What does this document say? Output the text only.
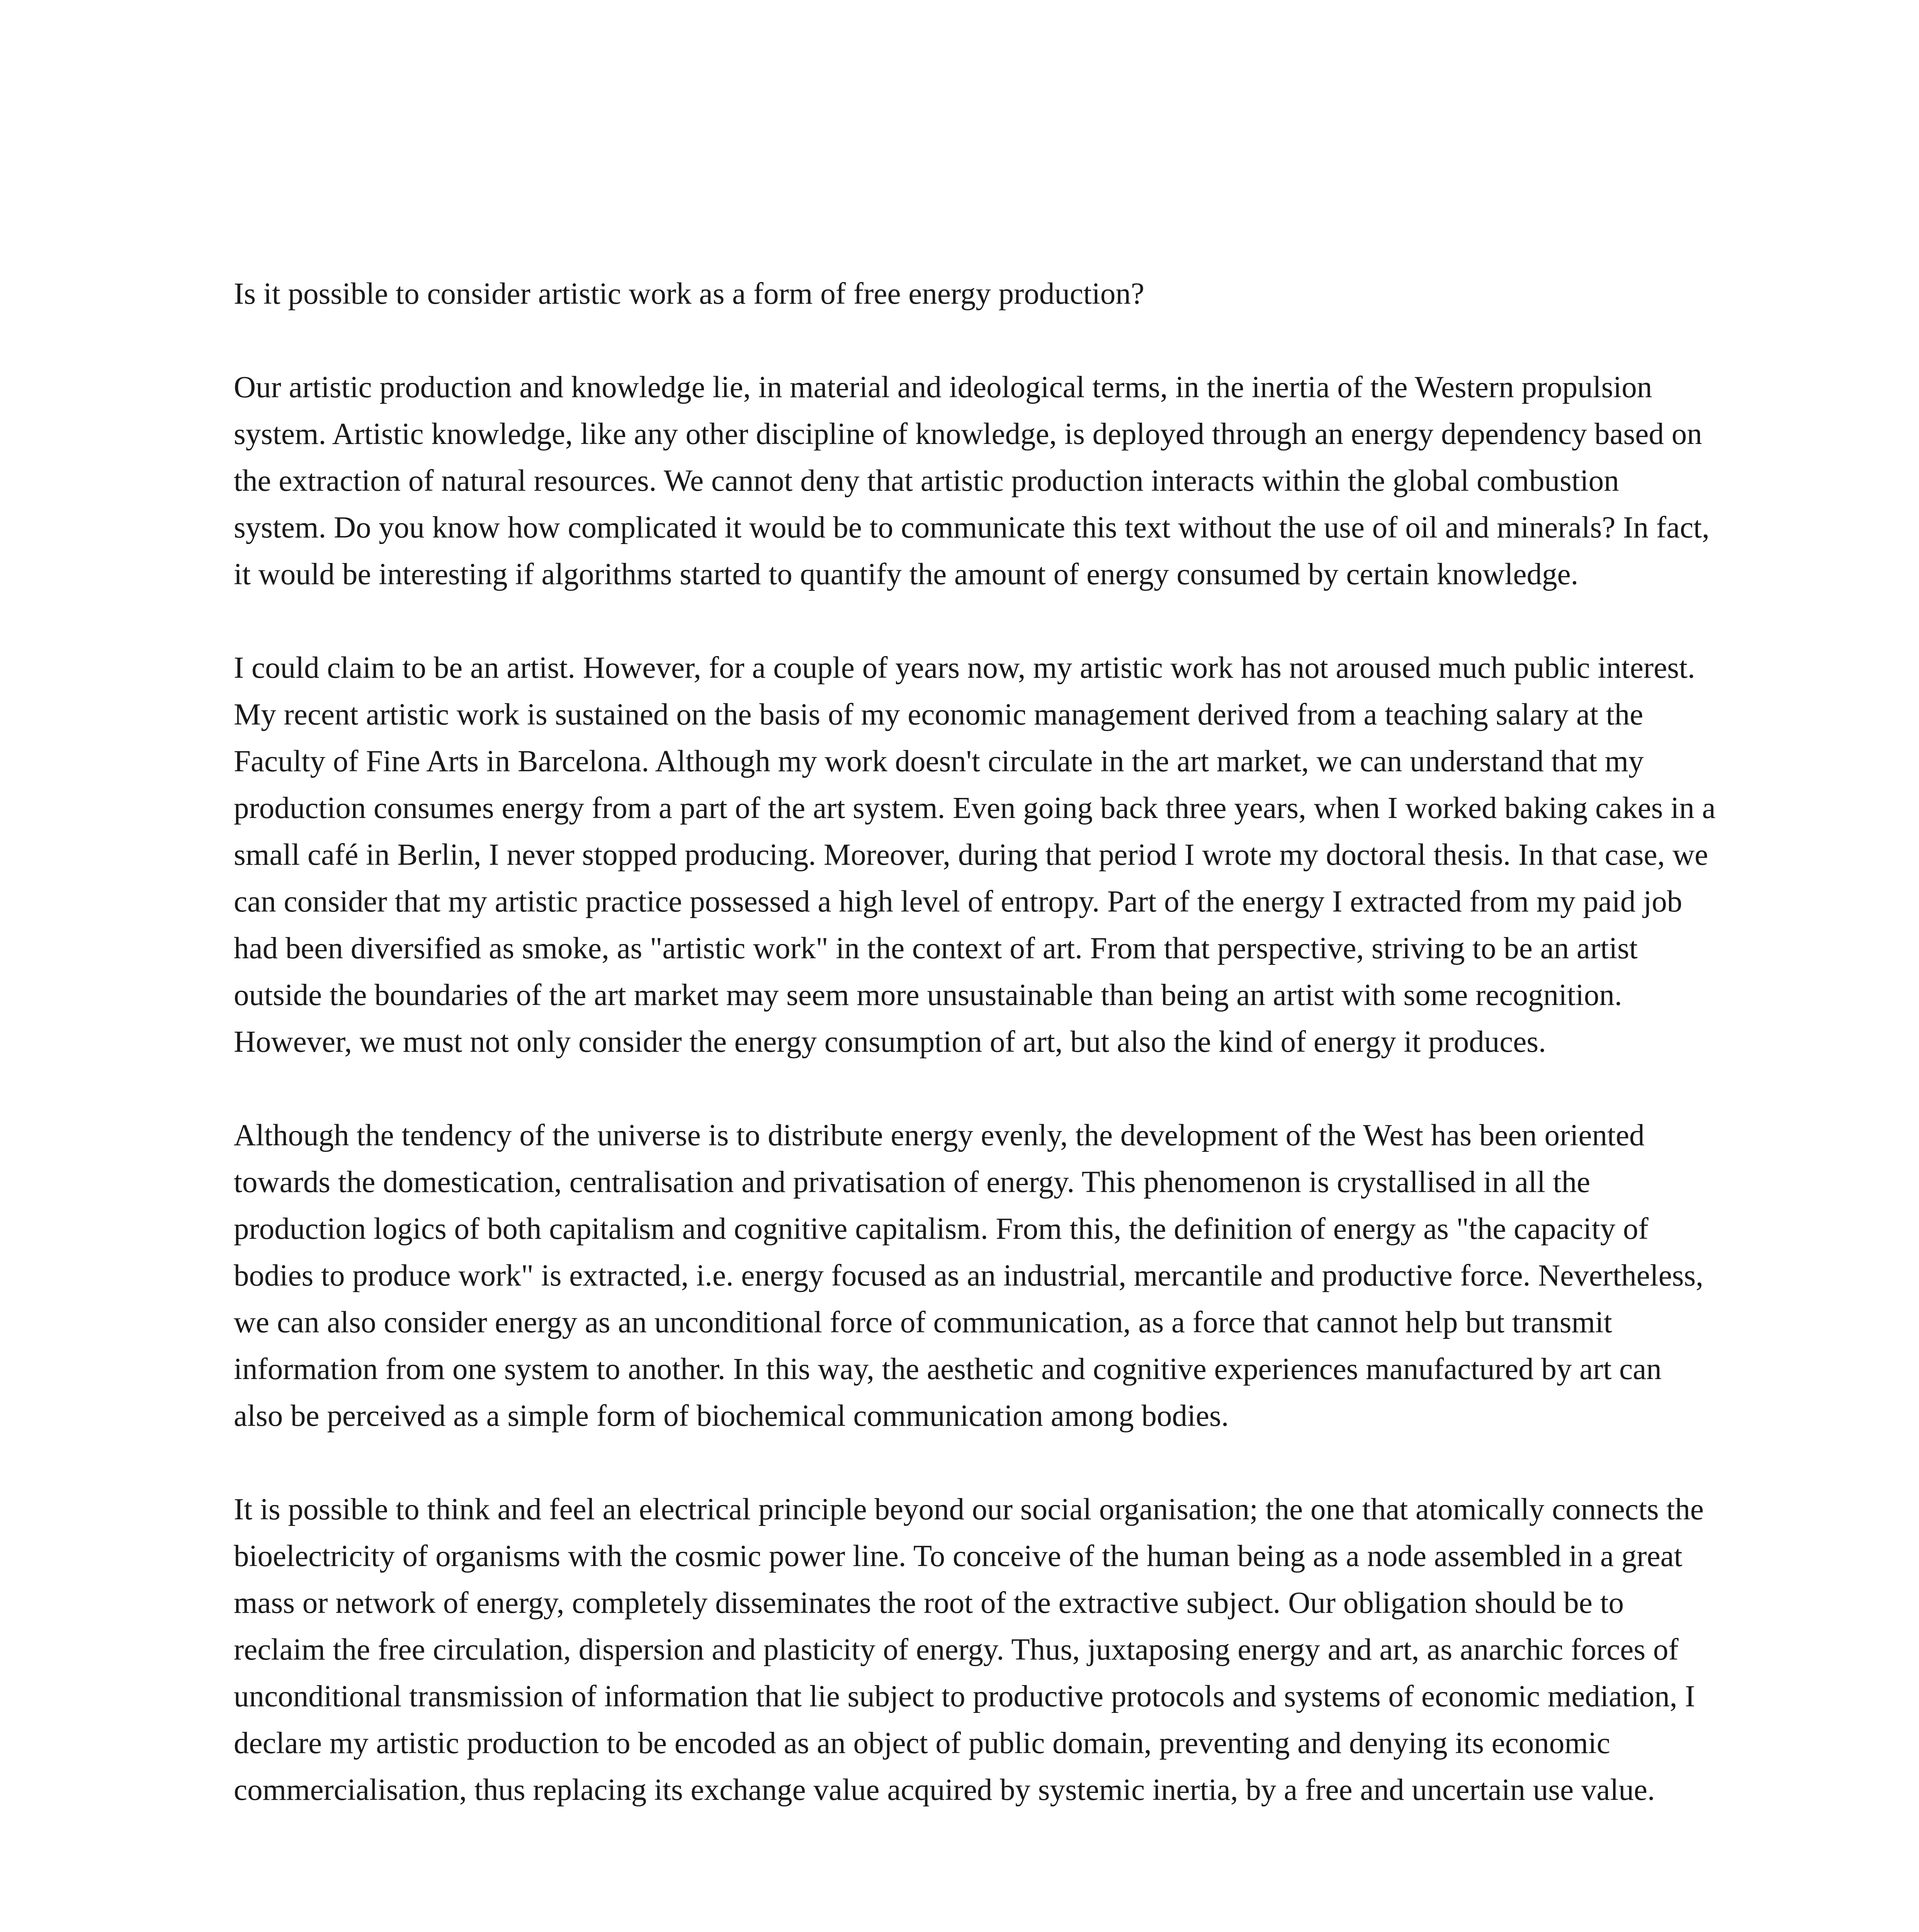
Is it possible to consider artistic work as a form of free energy production?

Our artistic production and knowledge lie, in material and ideological terms, in the inertia of the Western propulsion system. Artistic knowledge, like any other discipline of knowledge, is deployed through an energy dependency based on the extraction of natural resources. We cannot deny that artistic production interacts within the global combustion system. Do you know how complicated it would be to communicate this text without the use of oil and minerals? In fact, it would be interesting if algorithms started to quantify the amount of energy consumed by certain knowledge.

I could claim to be an artist. However, for a couple of years now, my artistic work has not aroused much public interest. My recent artistic work is sustained on the basis of my economic management derived from a teaching salary at the Faculty of Fine Arts in Barcelona. Although my work doesn't circulate in the art market, we can understand that my production consumes energy from a part of the art system. Even going back three years, when I worked baking cakes in a small café in Berlin, I never stopped producing. Moreover, during that period I wrote my doctoral thesis. In that case, we can consider that my artistic practice possessed a high level of entropy. Part of the energy I extracted from my paid job had been diversified as smoke, as "artistic work" in the context of art. From that perspective, striving to be an artist outside the boundaries of the art market may seem more unsustainable than being an artist with some recognition. However, we must not only consider the energy consumption of art, but also the kind of energy it produces.

Although the tendency of the universe is to distribute energy evenly, the development of the West has been oriented towards the domestication, centralisation and privatisation of energy. This phenomenon is crystallised in all the production logics of both capitalism and cognitive capitalism. From this, the definition of energy as "the capacity of bodies to produce work" is extracted, i.e. energy focused as an industrial, mercantile and productive force. Nevertheless, we can also consider energy as an unconditional force of communication, as a force that cannot help but transmit information from one system to another. In this way, the aesthetic and cognitive experiences manufactured by art can also be perceived as a simple form of biochemical communication among bodies.

It is possible to think and feel an electrical principle beyond our social organisation; the one that atomically connects the bioelectricity of organisms with the cosmic power line. To conceive of the human being as a node assembled in a great mass or network of energy, completely disseminates the root of the extractive subject. Our obligation should be to reclaim the free circulation, dispersion and plasticity of energy. Thus, juxtaposing energy and art, as anarchic forces of unconditional transmission of information that lie subject to productive protocols and systems of economic mediation, I declare my artistic production to be encoded as an object of public domain, preventing and denying its economic commercialisation, thus replacing its exchange value acquired by systemic inertia, by a free and uncertain use value.
